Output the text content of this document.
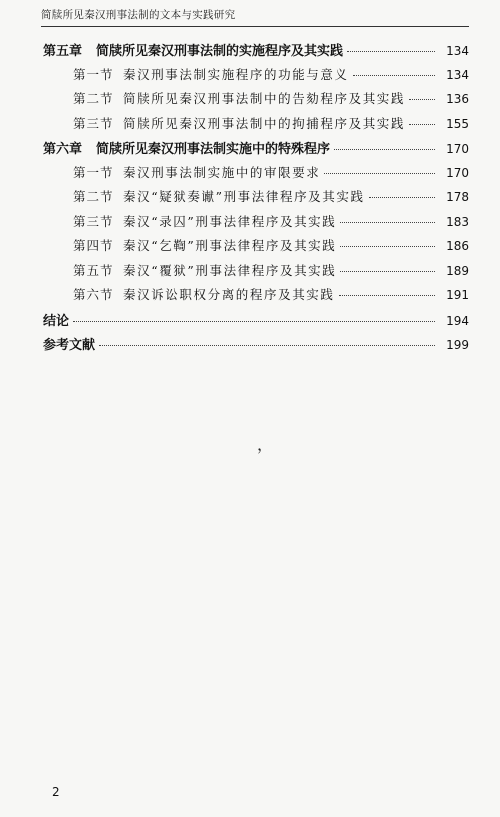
简牍所见秦汉刑事法制的文本与实践研究
第五章 简牍所见秦汉刑事法制的实施程序及其实践	134
第一节 秦汉刑事法制实施程序的功能与意义	134
第二节 简牍所见秦汉刑事法制中的告劾程序及其实践	136
第三节 简牍所见秦汉刑事法制中的拘捕程序及其实践	155
第六章 简牍所见秦汉刑事法制实施中的特殊程序	170
第一节 秦汉刑事法制实施中的审限要求	170
第二节 秦汉“疑狱奏谳”刑事法律程序及其实践	178
第三节 秦汉“录囚”刑事法律程序及其实践	183
第四节 秦汉“乞鞫”刑事法律程序及其实践	186
第五节 秦汉“覆狱”刑事法律程序及其实践	189
第六节 秦汉诉讼职权分离的程序及其实践	191
结论	194
参考文献	199
，
2
